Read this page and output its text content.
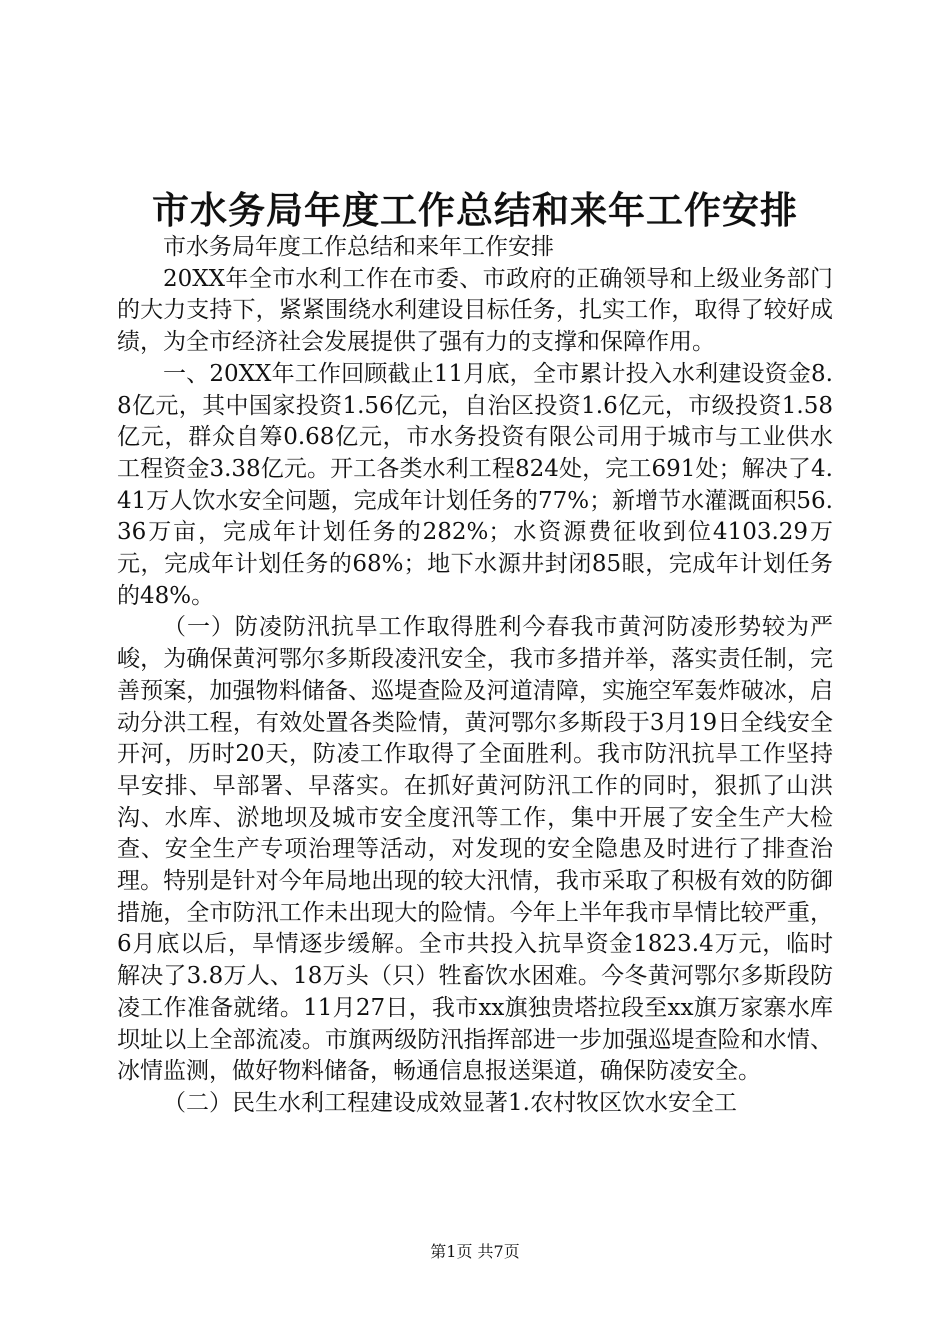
市水务局年度工作总结和来年工作安排

市水务局年度工作总结和来年工作安排

20XX年全市水利工作在市委、市政府的正确领导和上级业务部门的大力支持下，紧紧围绕水利建设目标任务，扎实工作，取得了较好成绩，为全市经济社会发展提供了强有力的支撑和保障作用。

一、20XX年工作回顾截止11月底，全市累计投入水利建设资金8.8亿元，其中国家投资1.56亿元，自治区投资1.6亿元，市级投资1.58亿元，群众自筹0.68亿元，市水务投资有限公司用于城市与工业供水工程资金3.38亿元。开工各类水利工程824处，完工691处；解决了4.41万人饮水安全问题，完成年计划任务的77%；新增节水灌溉面积56.36万亩，完成年计划任务的282%；水资源费征收到位4103.29万元，完成年计划任务的68%；地下水源井封闭85眼，完成年计划任务的48%。

（一）防凌防汛抗旱工作取得胜利今春我市黄河防凌形势较为严峻，为确保黄河鄂尔多斯段凌汛安全，我市多措并举，落实责任制，完善预案，加强物料储备、巡堤查险及河道清障，实施空军轰炸破冰，启动分洪工程，有效处置各类险情，黄河鄂尔多斯段于3月19日全线安全开河，历时20天，防凌工作取得了全面胜利。我市防汛抗旱工作坚持早安排、早部署、早落实。在抓好黄河防汛工作的同时，狠抓了山洪沟、水库、淤地坝及城市安全度汛等工作，集中开展了安全生产大检查、安全生产专项治理等活动，对发现的安全隐患及时进行了排查治理。特别是针对今年局地出现的较大汛情，我市采取了积极有效的防御措施，全市防汛工作未出现大的险情。今年上半年我市旱情比较严重，6月底以后，旱情逐步缓解。全市共投入抗旱资金1823.4万元，临时解决了3.8万人、18万头（只）牲畜饮水困难。今冬黄河鄂尔多斯段防凌工作准备就绪。11月27日，我市xx旗独贵塔拉段至xx旗万家寨水库坝址以上全部流凌。市旗两级防汛指挥部进一步加强巡堤查险和水情、冰情监测，做好物料储备，畅通信息报送渠道，确保防凌安全。

（二）民生水利工程建设成效显著1.农村牧区饮水安全工

第1页 共7页
